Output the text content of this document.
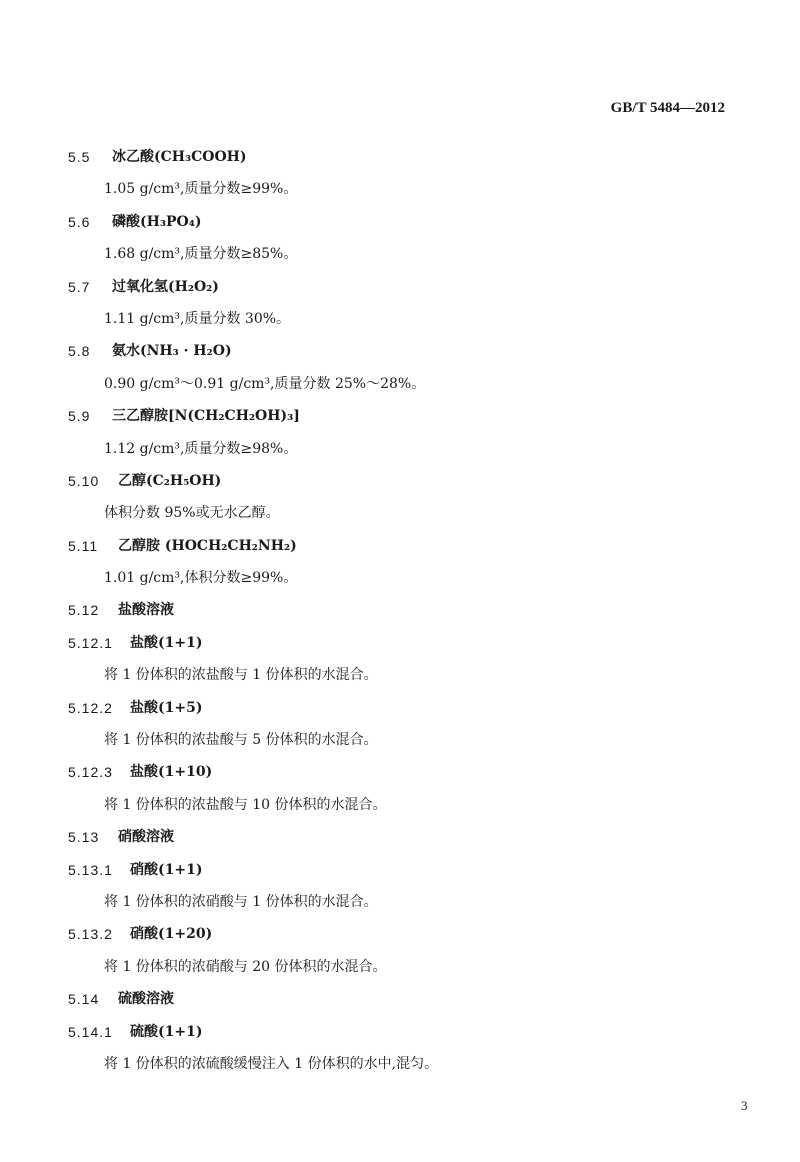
GB/T 5484—2012
5.5 冰乙酸(CH₃COOH)
1.05 g/cm³,质量分数≥99%。
5.6 磷酸(H₃PO₄)
1.68 g/cm³,质量分数≥85%。
5.7 过氧化氢(H₂O₂)
1.11 g/cm³,质量分数 30%。
5.8 氨水(NH₃ · H₂O)
0.90 g/cm³～0.91 g/cm³,质量分数 25%～28%。
5.9 三乙醇胺[N(CH₂CH₂OH)₃]
1.12 g/cm³,质量分数≥98%。
5.10 乙醇(C₂H₅OH)
体积分数 95%或无水乙醇。
5.11 乙醇胺 (HOCH₂CH₂NH₂)
1.01 g/cm³,体积分数≥99%。
5.12 盐酸溶液
5.12.1 盐酸(1+1)
将 1 份体积的浓盐酸与 1 份体积的水混合。
5.12.2 盐酸(1+5)
将 1 份体积的浓盐酸与 5 份体积的水混合。
5.12.3 盐酸(1+10)
将 1 份体积的浓盐酸与 10 份体积的水混合。
5.13 硝酸溶液
5.13.1 硝酸(1+1)
将 1 份体积的浓硝酸与 1 份体积的水混合。
5.13.2 硝酸(1+20)
将 1 份体积的浓硝酸与 20 份体积的水混合。
5.14 硫酸溶液
5.14.1 硫酸(1+1)
将 1 份体积的浓硫酸缓慢注入 1 份体积的水中,混匀。
3
